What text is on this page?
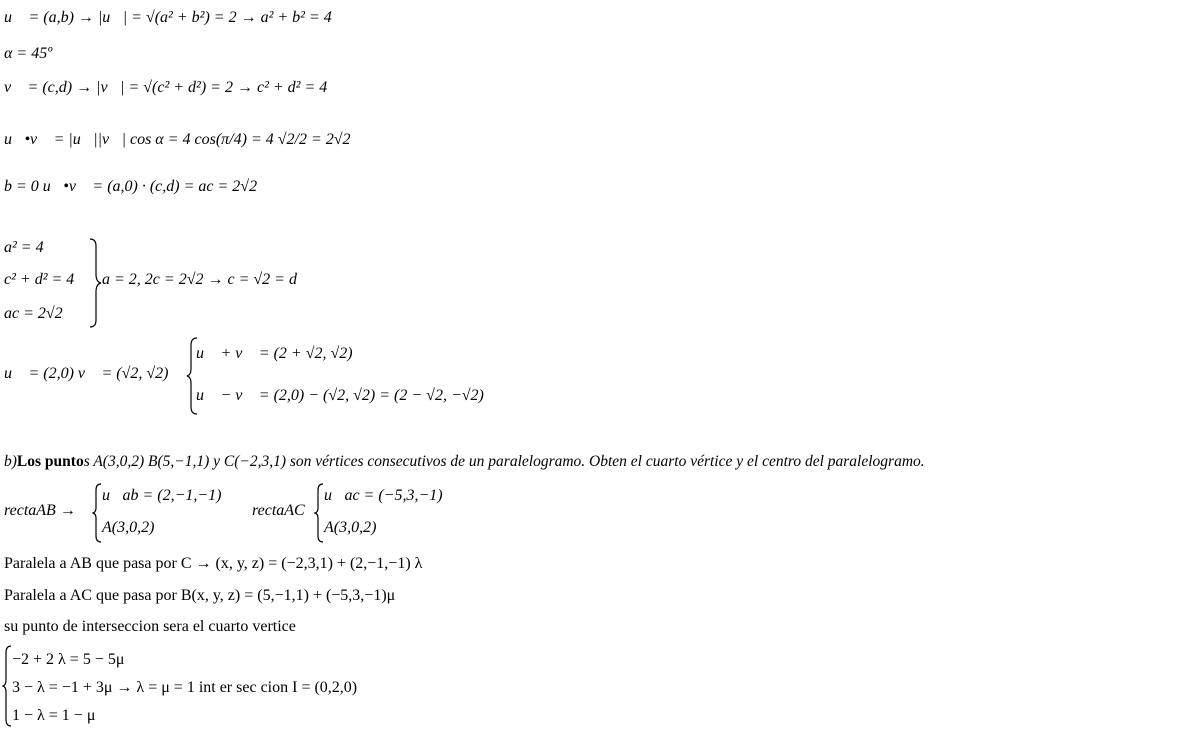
u⃗ = (a,b) → |u⃗| = √(a² + b²) = 2 → a² + b² = 4
α = 45º
v⃗ = (c,d) → |v⃗| = √(c² + d²) = 2 → c² + d² = 4
u⃗•v⃗ = |u⃗||v⃗| cos α = 4 cos(π/4) = 4 √2/2 = 2√2
b = 0 u⃗•v⃗ = (a,0) · (c,d) = ac = 2√2
a² = 4
c² + d² = 4
ac = 2√2
a = 2, 2c = 2√2 → c = √2 = d
u⃗ = (2,0) v⃗ = (√2, √2)
u⃗ + v⃗ = (2 + √2, √2)
u⃗ − v⃗ = (2,0) − (√2, √2) = (2 − √2, −√2)
b)Los puntos A(3,0,2) B(5,−1,1) y C(−2,3,1) son vértices consecutivos de un paralelogramo. Obten el cuarto vértice y el centro del paralelogramo.
rectaAB →
u⃗ab = (2,−1,−1)
A(3,0,2)
rectaAC
u⃗ac = (−5,3,−1)
A(3,0,2)
Paralela a AB que pasa por C → (x, y, z) = (−2,3,1) + (2,−1,−1) λ
Paralela a AC que pasa por B(x, y, z) = (5,−1,1) + (−5,3,−1)μ
su punto de interseccion sera el cuarto vertice
−2 + 2 λ = 5 − 5μ
3 − λ = −1 + 3μ → λ = μ = 1 int er sec cion I = (0,2,0)
1 − λ = 1 − μ
